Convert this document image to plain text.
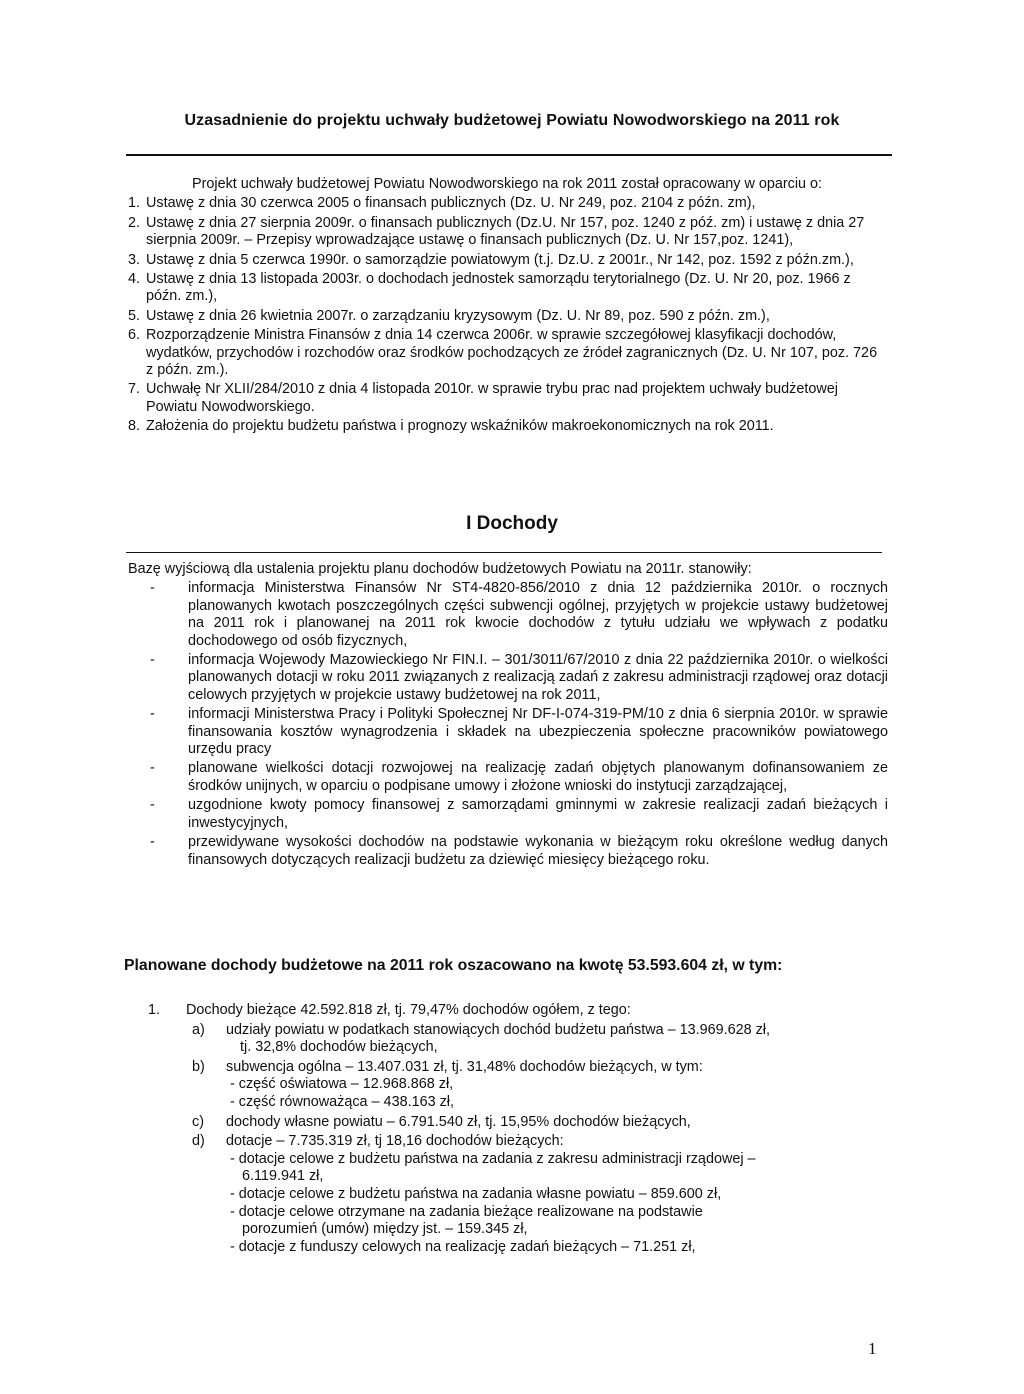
Uzasadnienie do projektu uchwały budżetowej Powiatu Nowodworskiego na 2011 rok
Projekt uchwały budżetowej Powiatu Nowodworskiego na rok 2011 został opracowany w oparciu o:
1. Ustawę z dnia 30 czerwca 2005 o finansach publicznych (Dz. U. Nr 249, poz. 2104 z późn. zm),
2. Ustawę z dnia 27 sierpnia 2009r. o finansach publicznych (Dz.U. Nr 157, poz. 1240 z póź. zm) i ustawę z dnia 27 sierpnia 2009r. – Przepisy wprowadzające ustawę o finansach publicznych (Dz. U. Nr 157,poz. 1241),
3. Ustawę z dnia 5 czerwca 1990r. o samorządzie powiatowym (t.j. Dz.U. z 2001r., Nr 142, poz. 1592 z późn.zm.),
4. Ustawę z dnia 13 listopada 2003r. o dochodach jednostek samorządu terytorialnego (Dz. U. Nr 20, poz. 1966 z późn. zm.),
5. Ustawę z dnia 26 kwietnia 2007r. o zarządzaniu kryzysowym (Dz. U. Nr 89, poz. 590 z późn. zm.),
6. Rozporządzenie Ministra Finansów z dnia 14 czerwca 2006r. w sprawie szczegółowej klasyfikacji dochodów, wydatków, przychodów i rozchodów oraz środków pochodzących ze źródeł zagranicznych (Dz. U. Nr 107, poz. 726 z późn. zm.).
7. Uchwałę Nr XLII/284/2010 z dnia 4 listopada 2010r. w sprawie trybu prac nad projektem uchwały budżetowej Powiatu Nowodworskiego.
8. Założenia do projektu budżetu państwa i prognozy wskaźników makroekonomicznych na rok 2011.
I Dochody
Bazę wyjściową dla ustalenia projektu planu dochodów budżetowych Powiatu na 2011r. stanowiły:
-	informacja Ministerstwa Finansów Nr ST4-4820-856/2010 z dnia 12 października 2010r. o rocznych planowanych kwotach poszczególnych części subwencji ogólnej, przyjętych w projekcie ustawy budżetowej na 2011 rok i planowanej na 2011 rok kwocie dochodów z tytułu udziału we wpływach z podatku dochodowego od osób fizycznych,
-	informacja Wojewody Mazowieckiego Nr FIN.I. – 301/3011/67/2010 z dnia 22 października 2010r. o wielkości planowanych dotacji w roku 2011 związanych z realizacją zadań z zakresu administracji rządowej oraz dotacji celowych przyjętych w projekcie ustawy budżetowej na rok 2011,
-	informacji Ministerstwa Pracy i Polityki Społecznej Nr DF-I-074-319-PM/10 z dnia 6 sierpnia 2010r. w sprawie finansowania kosztów wynagrodzenia i składek na ubezpieczenia społeczne pracowników powiatowego urzędu pracy
-	planowane wielkości dotacji rozwojowej na realizację zadań objętych planowanym dofinansowaniem ze środków unijnych, w oparciu o podpisane umowy i złożone wnioski do instytucji zarządzającej,
-	uzgodnione kwoty pomocy finansowej z samorządami gminnymi w zakresie realizacji zadań bieżących i inwestycyjnych,
-	przewidywane wysokości dochodów na podstawie wykonania w bieżącym roku określone według danych finansowych dotyczących realizacji budżetu za dziewięć miesięcy bieżącego roku.
Planowane dochody budżetowe na 2011 rok oszacowano na kwotę 53.593.604 zł, w tym:
1.	Dochody bieżące 42.592.818 zł, tj. 79,47% dochodów ogółem, z tego:
a)	udziały powiatu w podatkach stanowiących dochód budżetu państwa – 13.969.628 zł,
tj. 32,8% dochodów bieżących,
b)	subwencja ogólna – 13.407.031 zł, tj. 31,48% dochodów bieżących, w tym:
- część oświatowa – 12.968.868 zł,
- część równoważąca – 438.163 zł,
c)	dochody własne powiatu – 6.791.540 zł, tj. 15,95% dochodów bieżących,
d)	dotacje – 7.735.319 zł, tj 18,16 dochodów bieżących:
- dotacje celowe z budżetu państwa na zadania z zakresu administracji rządowej –
6.119.941 zł,
- dotacje celowe z budżetu państwa na zadania własne powiatu – 859.600 zł,
- dotacje celowe otrzymane na zadania bieżące realizowane na podstawie
porozumień (umów) między jst. – 159.345 zł,
- dotacje z funduszy celowych na realizację zadań bieżących – 71.251 zł,
1
